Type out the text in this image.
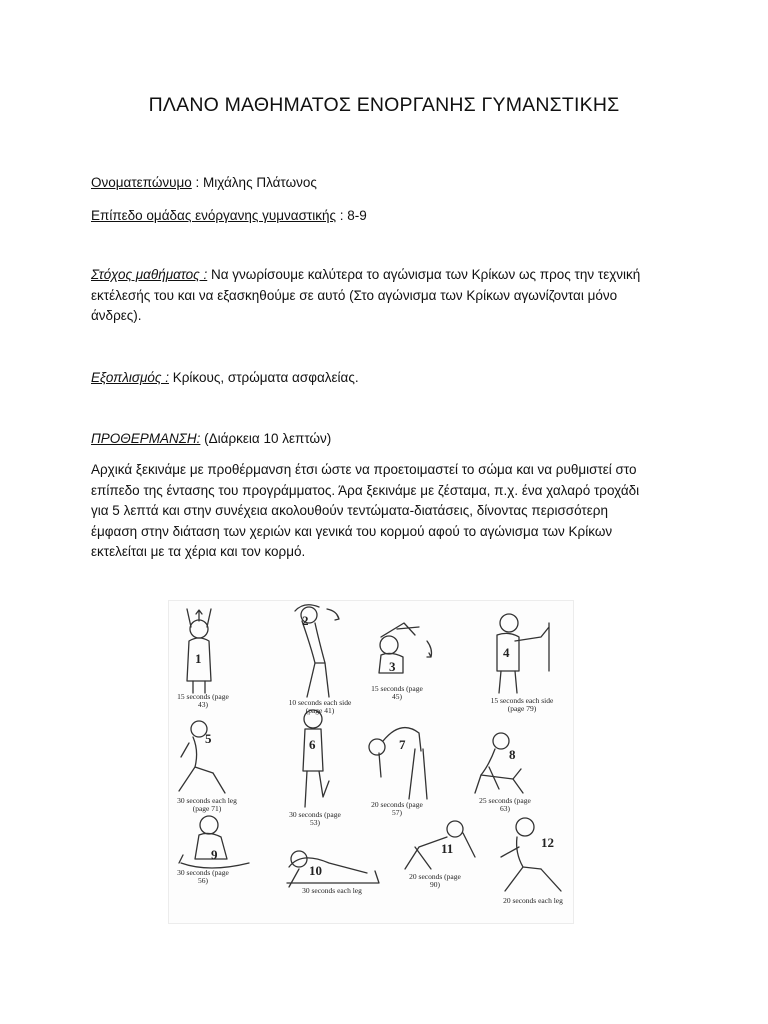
ΠΛΑΝΟ ΜΑΘΗΜΑΤΟΣ ΕΝΟΡΓΑΝΗΣ ΓΥΜΑΝΣΤΙΚΗΣ
Ονοματεπώνυμο : Μιχάλης Πλάτωνος
Επίπεδο ομάδας ενόργανης γυμναστικής : 8-9
Στόχος μαθήματος : Να γνωρίσουμε καλύτερα το αγώνισμα των Κρίκων ως προς την τεχνική
εκτέλεσής του και να εξασκηθούμε σε αυτό (Στο αγώνισμα των Κρίκων αγωνίζονται μόνο
άνδρες).
Εξοπλισμός : Κρίκους, στρώματα ασφαλείας.
ΠΡΟΘΕΡΜΑΝΣΗ: (Διάρκεια 10 λεπτών)
Αρχικά ξεκινάμε με προθέρμανση έτσι ώστε να προετοιμαστεί το σώμα και να ρυθμιστεί στο
επίπεδο της έντασης του προγράμματος. Άρα ξεκινάμε με ζέσταμα, π.χ. ένα χαλαρό τροχάδι
για 5 λεπτά και στην συνέχεια ακολουθούν τεντώματα-διατάσεις, δίνοντας περισσότερη
έμφαση στην διάταση των χεριών και γενικά του κορμού αφού το αγώνισμα των Κρίκων
εκτελείται με τα χέρια και τον κορμό.
1
2
3
4
5	6	7
8
9
10
11	12
15 seconds (page 43)	10 seconds each side (page 41)
15 seconds (page 45)	15 seconds each side (page 79)
30 seconds each leg (page 71)
30 seconds (page 53)
20 seconds (page 57)
25 seconds (page 63)
30 seconds (page 56)
30 seconds each leg
20 seconds (page 90)
20 seconds each leg
